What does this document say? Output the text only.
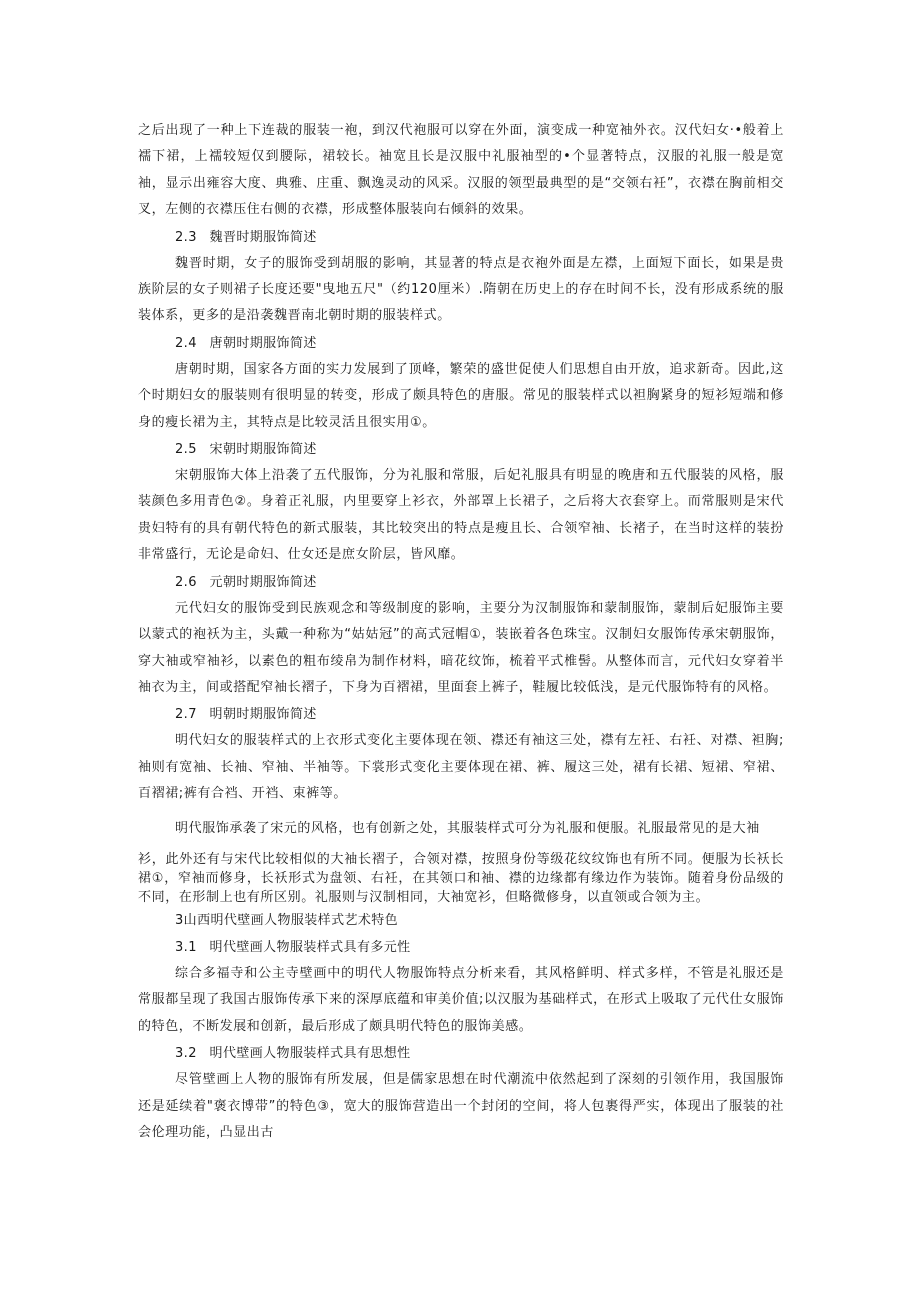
之后出现了一种上下连裁的服装一袍，到汉代袍服可以穿在外面，演变成一种宽袖外衣。汉代妇女·•般着上襦下裙，上襦较短仅到腰际，裙较长。袖宽且长是汉服中礼服袖型的•个显著特点，汉服的礼服一般是宽袖，显示出雍容大度、典雅、庄重、飘逸灵动的风采。汉服的领型最典型的是“交领右衽”，衣襟在胸前相交叉，左侧的衣襟压住右侧的衣襟，形成整体服装向右倾斜的效果。

2.3 魏晋时期服饰简述

魏晋时期，女子的服饰受到胡服的影响，其显著的特点是衣袍外面是左襟，上面短下面长，如果是贵族阶层的女子则裙子长度还要"曳地五尺"（约120厘米）.隋朝在历史上的存在时间不长，没有形成系统的服装体系，更多的是沿袭魏晋南北朝时期的服装样式。

2.4 唐朝时期服饰简述

唐朝时期，国家各方面的实力发展到了顶峰，繁荣的盛世促使人们思想自由开放，追求新奇。因此,这个时期妇女的服装则有很明显的转变，形成了颇具特色的唐服。常见的服装样式以袒胸紧身的短衫短端和修身的瘦长裙为主，其特点是比较灵活且很实用①。

2.5 宋朝时期服饰简述

宋朝服饰大体上沿袭了五代服饰，分为礼服和常服，后妃礼服具有明显的晚唐和五代服装的风格，服装颜色多用青色②。身着正礼服，内里要穿上衫衣，外部罩上长裙子，之后将大衣套穿上。而常服则是宋代贵妇特有的具有朝代特色的新式服装，其比较突出的特点是瘦且长、合领窄袖、长褚子，在当时这样的装扮非常盛行，无论是命妇、仕女还是庶女阶层，皆风靡。

2.6 元朝时期服饰简述

元代妇女的服饰受到民族观念和等级制度的影响，主要分为汉制服饰和蒙制服饰，蒙制后妃服饰主要以蒙式的袍袄为主，头戴一种称为“姑姑冠”的高式冠帽①，装嵌着各色珠宝。汉制妇女服饰传承宋朝服饰，穿大袖或窄袖衫，以素色的粗布绫帛为制作材料，暗花纹饰，梳着平式椎髻。从整体而言，元代妇女穿着半袖衣为主，间或搭配窄袖长褶子，下身为百褶裙，里面套上裤子，鞋履比较低浅，是元代服饰特有的风格。

2.7 明朝时期服饰简述

明代妇女的服装样式的上衣形式变化主要体现在领、襟还有袖这三处，襟有左衽、右衽、对襟、袒胸;袖则有宽袖、长袖、窄袖、半袖等。下裳形式变化主要体现在裙、裤、履这三处，裙有长裙、短裙、窄裙、百褶裙;裤有合裆、开裆、束裤等。

明代服饰承袭了宋元的风格，也有创新之处，其服装样式可分为礼服和便服。礼服最常见的是大袖

衫，此外还有与宋代比较相似的大袖长褶子，合领对襟，按照身份等级花纹纹饰也有所不同。便服为长袄长裙①，窄袖而修身，长袄形式为盘领、右衽，在其领口和袖、襟的边缘都有缘边作为装饰。随着身份品级的不同，在形制上也有所区别。礼服则与汉制相同，大袖宽衫，但略微修身，以直领或合领为主。

3山西明代壁画人物服装样式艺术特色
3.1 明代壁画人物服装样式具有多元性

综合多福寺和公主寺壁画中的明代人物服饰特点分析来看，其风格鲜明、样式多样，不管是礼服还是常服都呈现了我国古服饰传承下来的深厚底蕴和审美价值;以汉服为基础样式，在形式上吸取了元代仕女服饰的特色，不断发展和创新，最后形成了颇具明代特色的服饰美感。

3.2 明代壁画人物服装样式具有思想性

尽管壁画上人物的服饰有所发展，但是儒家思想在时代潮流中依然起到了深刻的引领作用，我国服饰还是延续着"褒衣博带”的特色③，宽大的服饰营造出一个封闭的空间，将人包裹得严实，体现出了服装的社会伦理功能，凸显出古
